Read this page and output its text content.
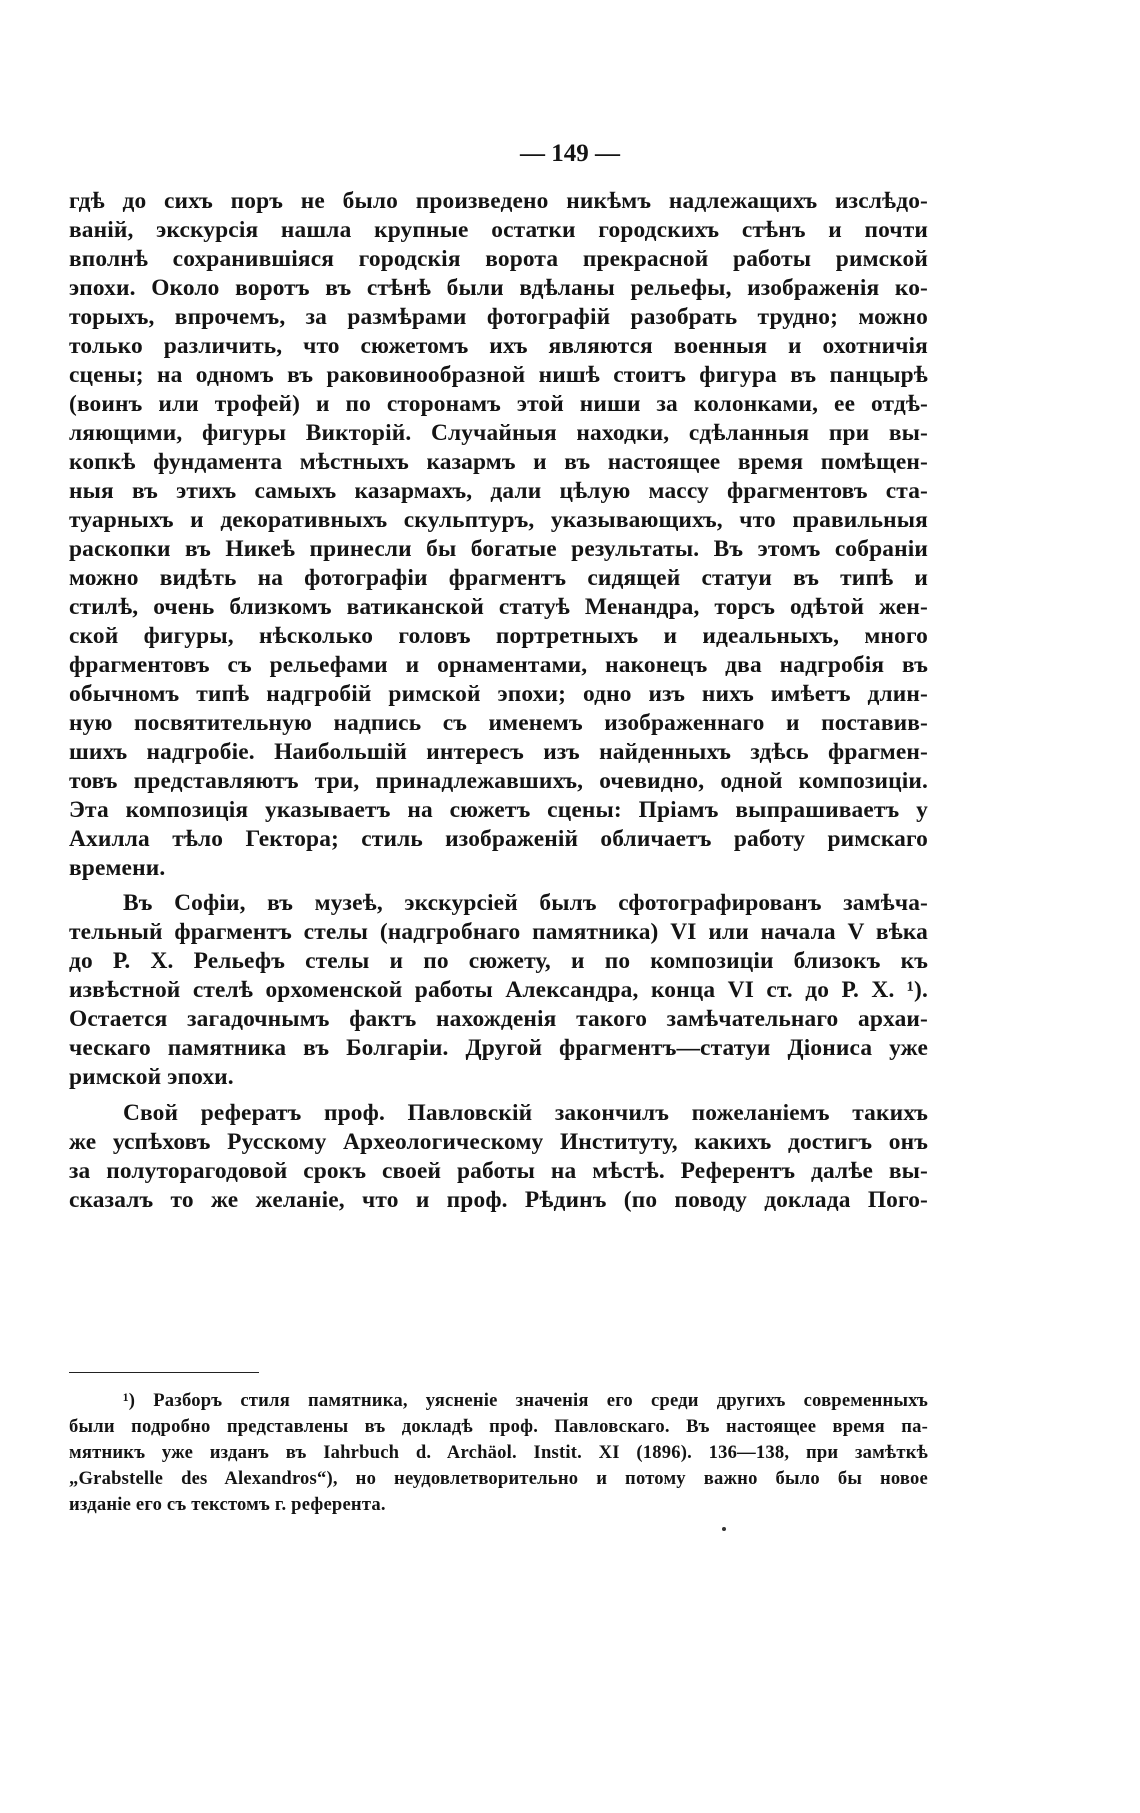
— 149 —
гдѣ до сихъ поръ не было произведено никѣмъ надлежащихъ изслѣдо-
ваній, экскурсія нашла крупные остатки городскихъ стѣнъ и почти
вполнѣ сохранившіяся городскія ворота прекрасной работы римской
эпохи. Около воротъ въ стѣнѣ были вдѣланы рельефы, изображенія ко-
торыхъ, впрочемъ, за размѣрами фотографій разобрать трудно; можно
только различить, что сюжетомъ ихъ являются военныя и охотничія
сцены; на одномъ въ раковинообразной нишѣ стоитъ фигура въ панцырѣ
(воинъ или трофей) и по сторонамъ этой ниши за колонками, ее отдѣ-
ляющими, фигуры Викторій. Случайныя находки, сдѣланныя при вы-
копкѣ фундамента мѣстныхъ казармъ и въ настоящее время помѣщен-
ныя въ этихъ самыхъ казармахъ, дали цѣлую массу фрагментовъ ста-
туарныхъ и декоративныхъ скульптуръ, указывающихъ, что правильныя
раскопки въ Никеѣ принесли бы богатые результаты. Въ этомъ собраніи
можно видѣть на фотографіи фрагментъ сидящей статуи въ типѣ и
стилѣ, очень близкомъ ватиканской статуѣ Менандра, торсъ одѣтой жен-
ской фигуры, нѣсколько головъ портретныхъ и идеальныхъ, много
фрагментовъ съ рельефами и орнаментами, наконецъ два надгробія въ
обычномъ типѣ надгробій римской эпохи; одно изъ нихъ имѣетъ длин-
ную посвятительную надпись съ именемъ изображеннаго и поставив-
шихъ надгробіе. Наибольшій интересъ изъ найденныхъ здѣсь фрагмен-
товъ представляютъ три, принадлежавшихъ, очевидно, одной композиціи.
Эта композиція указываетъ на сюжетъ сцены: Пріамъ выпрашиваетъ у
Ахилла тѣло Гектора; стиль изображеній обличаетъ работу римскаго
времени.
Въ Софіи, въ музеѣ, экскурсіей былъ сфотографированъ замѣча-
тельный фрагментъ стелы (надгробнаго памятника) VI или начала V вѣка
до Р. Х. Рельефъ стелы и по сюжету, и по композиціи близокъ къ
извѣстной стелѣ орхоменской работы Александра, конца VI ст. до Р. Х. ¹).
Остается загадочнымъ фактъ нахожденія такого замѣчательнаго архаи-
ческаго памятника въ Болгаріи. Другой фрагментъ—статуи Діониса уже
римской эпохи.
Свой рефератъ проф. Павловскій закончилъ пожеланіемъ такихъ
же успѣховъ Русскому Археологическому Институту, какихъ достигъ онъ
за полуторагодовой срокъ своей работы на мѣстѣ. Референтъ далѣе вы-
сказалъ то же желаніе, что и проф. Рѣдинъ (по поводу доклада Пого-
¹) Разборъ стиля памятника, уясненіе значенія его среди другихъ современныхъ
были подробно представлены въ докладѣ проф. Павловскаго. Въ настоящее время па-
мятникъ уже изданъ въ Iahrbuch d. Archäol. Instit. XI (1896). 136—138, при замѣткѣ
„Grabstelle des Alexandros“), но неудовлетворительно и потому важно было бы новое
изданіе его съ текстомъ г. референта.
